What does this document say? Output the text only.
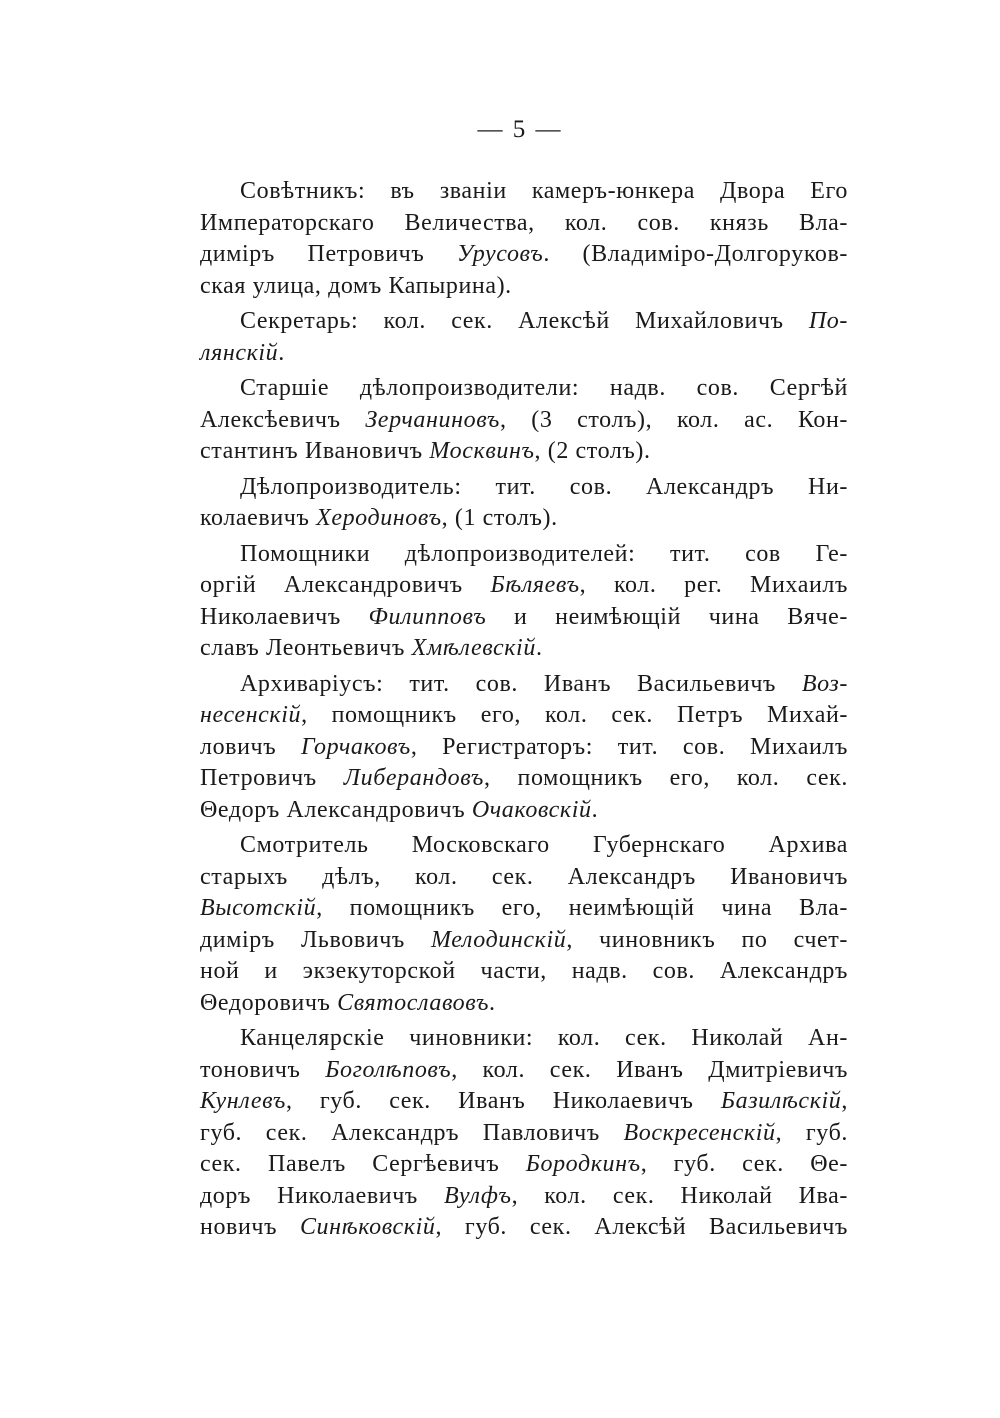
— 5 —
Совѣтникъ: въ званiи камеръ-юнкера Двора Его
Императорскаго Величества, кол. сов. князь Вла-
димiръ Петровичъ Урусовъ. (Владимiро-Долгоруков-
ская улица, домъ Капырина).
Секретарь: кол. сек. Алексѣй Михайловичъ По-
лянскiй.
Старшiе дѣлопроизводители: надв. сов. Сергѣй
Алексѣевичъ Зерчаниновъ, (3 столъ), кол. ас. Кон-
стантинъ Ивановичъ Москвинъ, (2 столъ).
Дѣлопроизводитель: тит. сов. Александръ Ни-
колаевичъ Херодиновъ, (1 столъ).
Помощники дѣлопроизводителей: тит. сов Ге-
оргiй Александровичъ Бѣляевъ, кол. рег. Михаилъ
Николаевичъ Филипповъ и неимѣющiй чина Вяче-
славъ Леонтьевичъ Хмѣлевскiй.
Архиварiусъ: тит. сов. Иванъ Васильевичъ Воз-
несенскiй, помощникъ его, кол. сек. Петръ Михай-
ловичъ Горчаковъ, Регистраторъ: тит. сов. Михаилъ
Петровичъ Либерандовъ, помощникъ его, кол. сек.
Θедоръ Александровичъ Очаковскiй.
Смотритель Московскаго Губернскаго Архива
старыхъ дѣлъ, кол. сек. Александръ Ивановичъ
Высотскiй, помощникъ его, неимѣющiй чина Вла-
димiръ Львовичъ Мелодинскiй, чиновникъ по счет-
ной и экзекуторской части, надв. сов. Александръ
Θедоровичъ Святославовъ.
Канцелярскiе чиновники: кол. сек. Николай Ан-
тоновичъ Боголѣповъ, кол. сек. Иванъ Дмитрiевичъ
Кунлевъ, губ. сек. Иванъ Николаевичъ Базилѣскiй,
губ. сек. Александръ Павловичъ Воскресенскiй, губ.
сек. Павелъ Сергѣевичъ Бородкинъ, губ. сек. Θе-
доръ Николаевичъ Вулфъ, кол. сек. Николай Ива-
новичъ Синѣковскiй, губ. сек. Алексѣй Васильевичъ
